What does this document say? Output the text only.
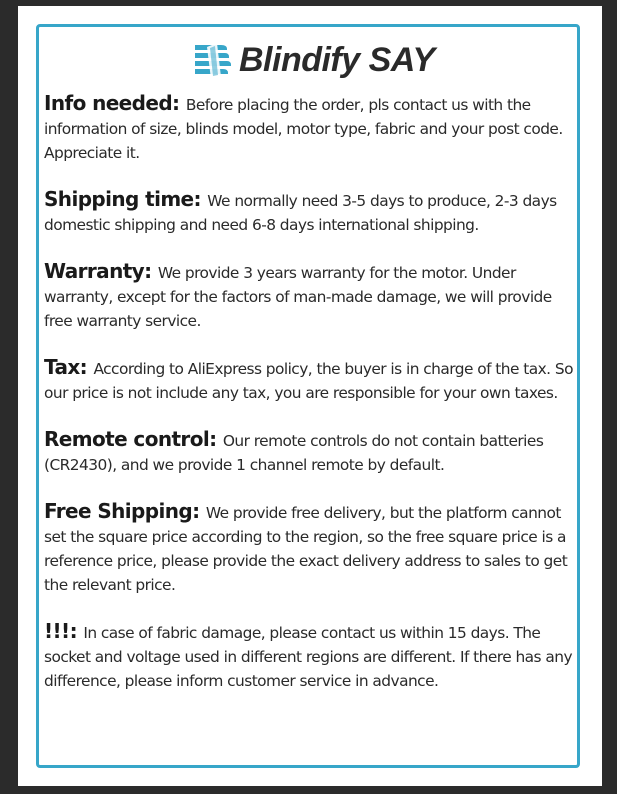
Blindify SAY
Info needed: Before placing the order, pls contact us with the information of size, blinds model, motor type, fabric and your post code. Appreciate it.
Shipping time: We normally need 3-5 days to produce, 2-3 days domestic shipping and need 6-8 days international shipping.
Warranty: We provide 3 years warranty for the motor. Under warranty, except for the factors of man-made damage, we will provide free warranty service.
Tax: According to AliExpress policy, the buyer is in charge of the tax. So our price is not include any tax, you are responsible for your own taxes.
Remote control: Our remote controls do not contain batteries (CR2430), and we provide 1 channel remote by default.
Free Shipping: We provide free delivery, but the platform cannot set the square price according to the region, so the free square price is a reference price, please provide the exact delivery address to sales to get the relevant price.
!!!: In case of fabric damage, please contact us within 15 days. The socket and voltage used in different regions are different. If there has any difference, please inform customer service in advance.
